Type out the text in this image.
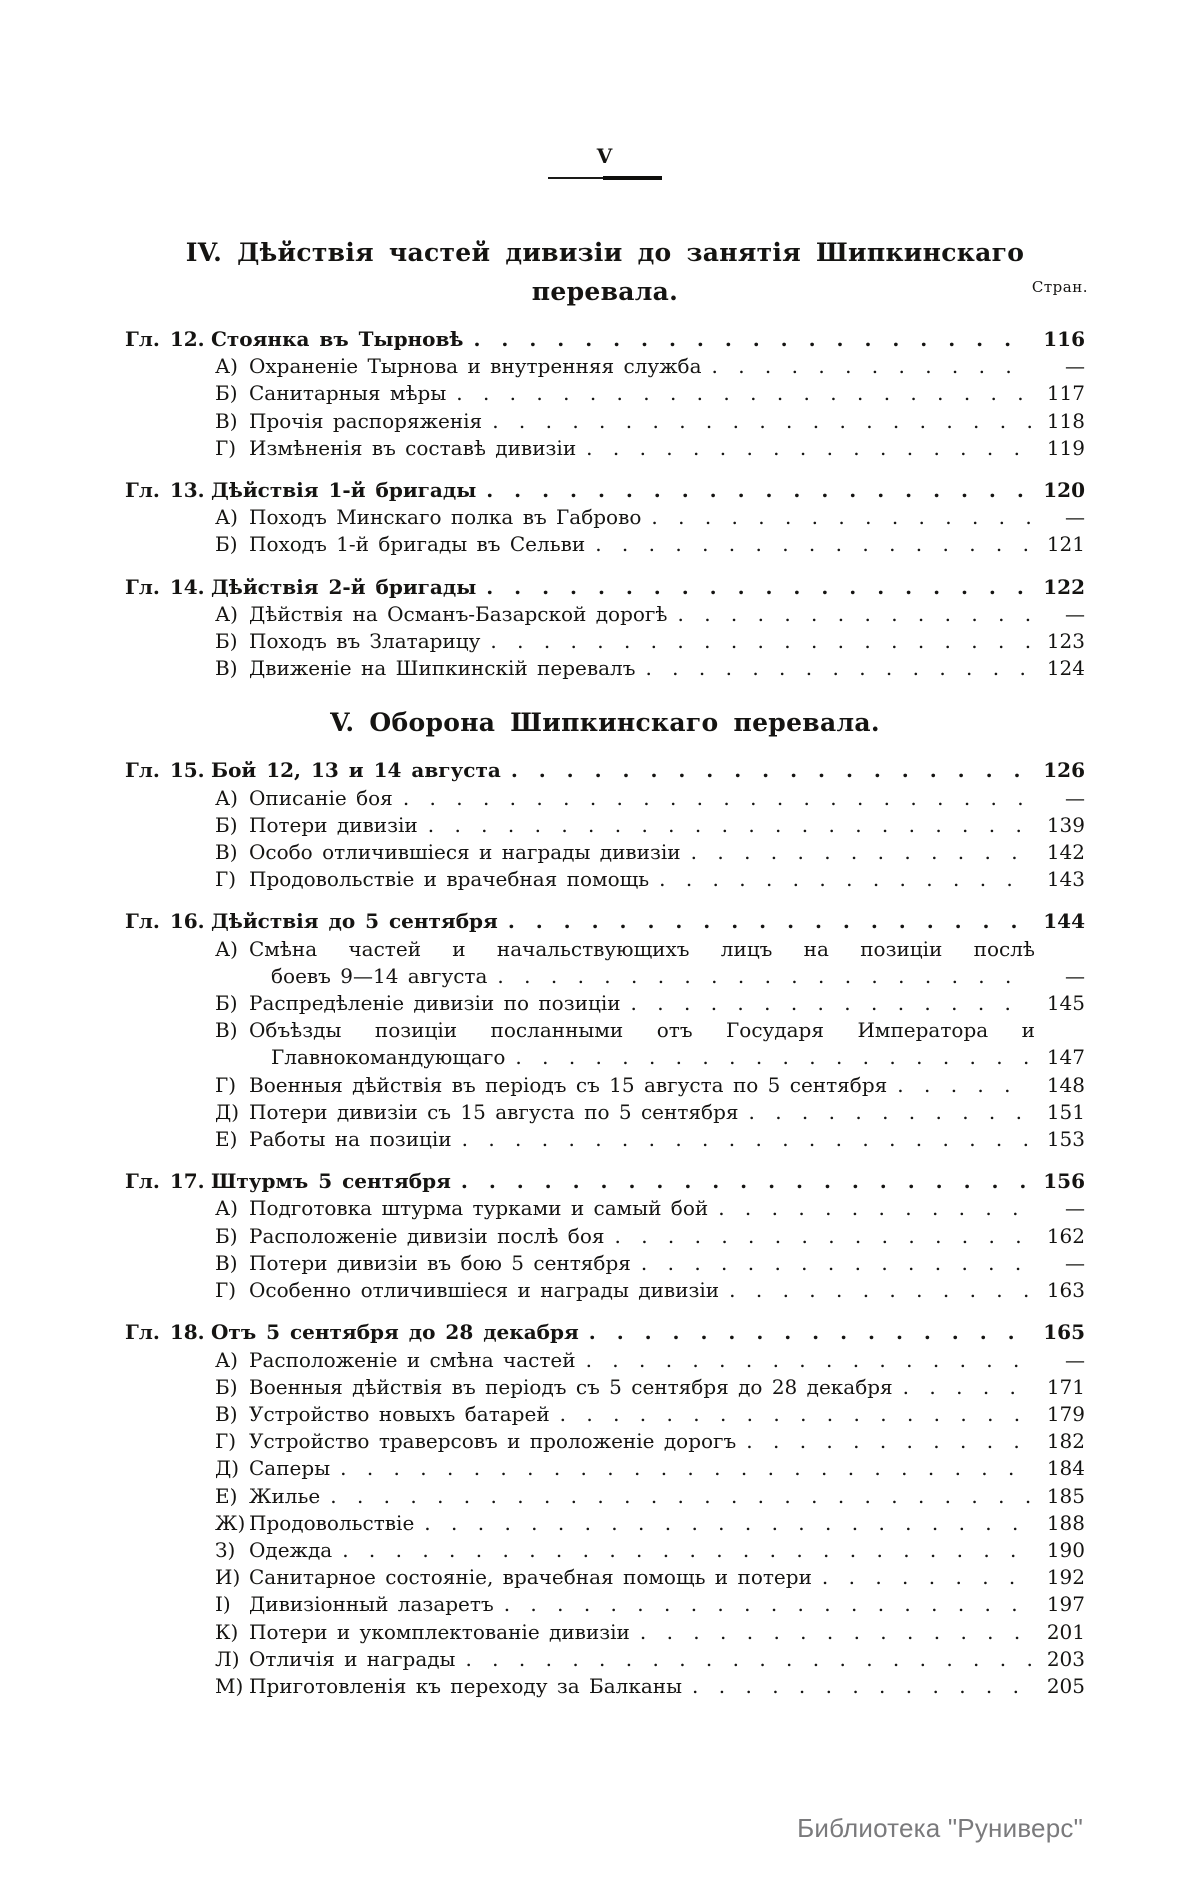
V
IV. Дѣйствія частей дивизіи до занятія Шипкинскаго
перевала.	Стран.
Гл. 12. Стоянка въ Тырновѣ . . .	116
А) Охраненіе Тырнова и внутренняя служба . . .	—
Б) Санитарныя мѣры . . .	117
В) Прочія распоряженія . . .	118
Г) Измѣненія въ составѣ дивизіи . . .	119
Гл. 13. Дѣйствія 1-й бригады . . .	120
А) Походъ Минскаго полка въ Габрово . . .	—
Б) Походъ 1-й бригады въ Сельви . . .	121
Гл. 14. Дѣйствія 2-й бригады . . .	122
А) Дѣйствія на Османъ-Базарской дорогѣ . . .	—
Б) Походъ въ Златарицу . . .	123
В) Движеніе на Шипкинскій перевалъ . . .	124
V. Оборона Шипкинскаго перевала.
Гл. 15. Бой 12, 13 и 14 августа . . .	126
А) Описаніе боя . . .	—
Б) Потери дивизіи . . .	139
В) Особо отличившіеся и награды дивизіи . . .	142
Г) Продовольствіе и врачебная помощь . . .	143
Гл. 16. Дѣйствія до 5 сентября . . .	144
А) Смѣна частей и начальствующихъ лицъ на позиціи послѣ
боевъ 9—14 августа . . .	—
Б) Распредѣленіе дивизіи по позиціи . . .	145
В) Объѣзды позиціи посланными отъ Государя Императора и
Главнокомандующаго . . .	147
Г) Военныя дѣйствія въ періодъ съ 15 августа по 5 сентября . . .	148
Д) Потери дивизіи съ 15 августа по 5 сентября . . .	151
Е) Работы на позиціи . . .	153
Гл. 17. Штурмъ 5 сентября . . .	156
А) Подготовка штурма турками и самый бой . . .	—
Б) Расположеніе дивизіи послѣ боя . . .	162
В) Потери дивизіи въ бою 5 сентября . . .	—
Г) Особенно отличившіеся и награды дивизіи . . .	163
Гл. 18. Отъ 5 сентября до 28 декабря . . .	165
А) Расположеніе и смѣна частей . . .	—
Б) Военныя дѣйствія въ періодъ съ 5 сентября до 28 декабря . . .	171
В) Устройство новыхъ батарей . . .	179
Г) Устройство траверсовъ и проложеніе дорогъ . . .	182
Д) Саперы . . .	184
Е) Жилье . . .	185
Ж) Продовольствіе . . .	188
З) Одежда . . .	190
И) Санитарное состояніе, врачебная помощь и потери . . .	192
І) Дивизіонный лазаретъ . . .	197
К) Потери и укомплектованіе дивизіи . . .	201
Л) Отличія и награды . . .	203
М) Приготовленія къ переходу за Балканы . . .	205
Библиотека "Руниверс"
